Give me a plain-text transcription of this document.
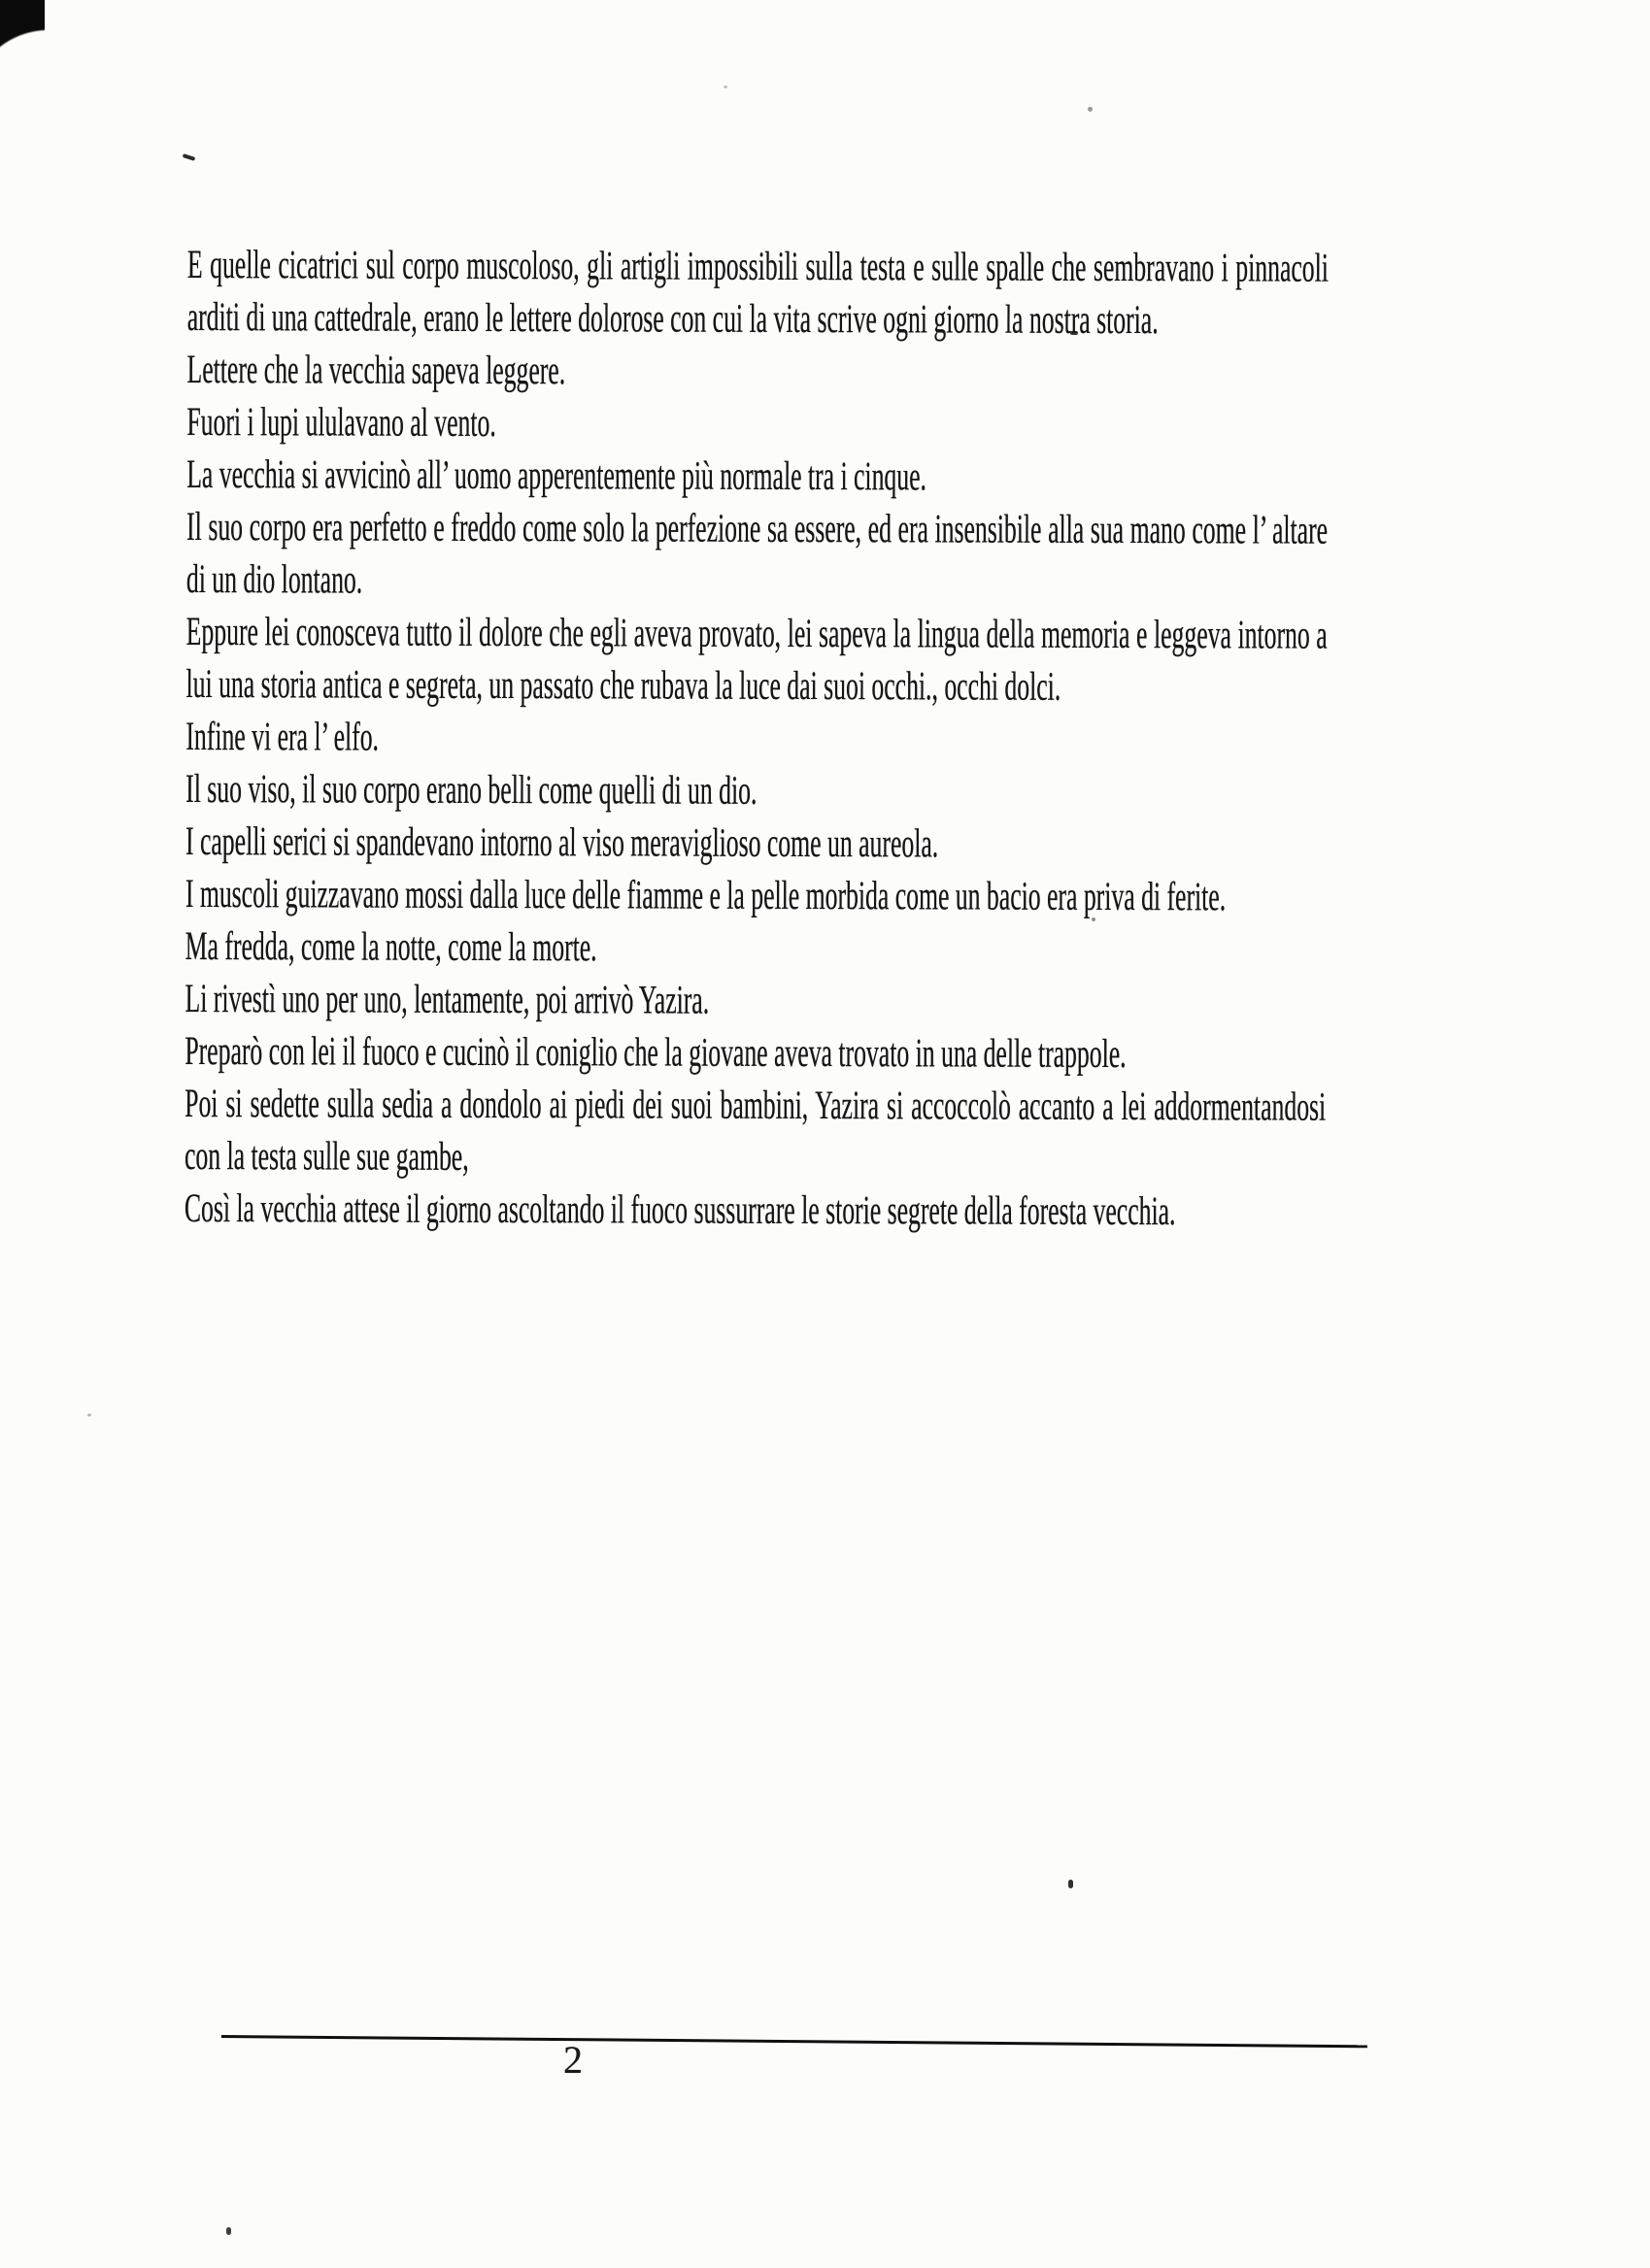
E quelle cicatrici sul corpo muscoloso, gli artigli impossibili sulla testa e sulle spalle che sembravano i pinnacoli arditi di una cattedrale, erano le lettere dolorose con cui la vita scrive ogni giorno la nostra storia.

Lettere che la vecchia sapeva leggere.

Fuori i lupi ululavano al vento.

La vecchia si avvicinò all’ uomo apperentemente più normale tra i cinque.

Il suo corpo era perfetto e freddo come solo la perfezione sa essere, ed era insensibile alla sua mano come l’ altare di un dio lontano.

Eppure lei conosceva tutto il dolore che egli aveva provato, lei sapeva la lingua della memoria e leggeva intorno a lui una storia antica e segreta, un passato che rubava la luce dai suoi occhi., occhi dolci.

Infine vi era l’ elfo.

Il suo viso, il suo corpo erano belli come quelli di un dio.

I capelli serici si spandevano intorno al viso meraviglioso come un aureola.

I muscoli guizzavano mossi dalla luce delle fiamme e la pelle morbida come un bacio era priva di ferite.

Ma fredda, come la notte, come la morte.

Li rivestì uno per uno, lentamente, poi arrivò Yazira.

Preparò con lei il fuoco e cucinò il coniglio che la giovane aveva trovato in una delle trappole.

Poi si sedette sulla sedia a dondolo ai piedi dei suoi bambini, Yazira si accoccolò accanto a lei addormentandosi con la testa sulle sue gambe,

Così la vecchia attese il giorno ascoltando il fuoco sussurrare le storie segrete della foresta vecchia.

2
